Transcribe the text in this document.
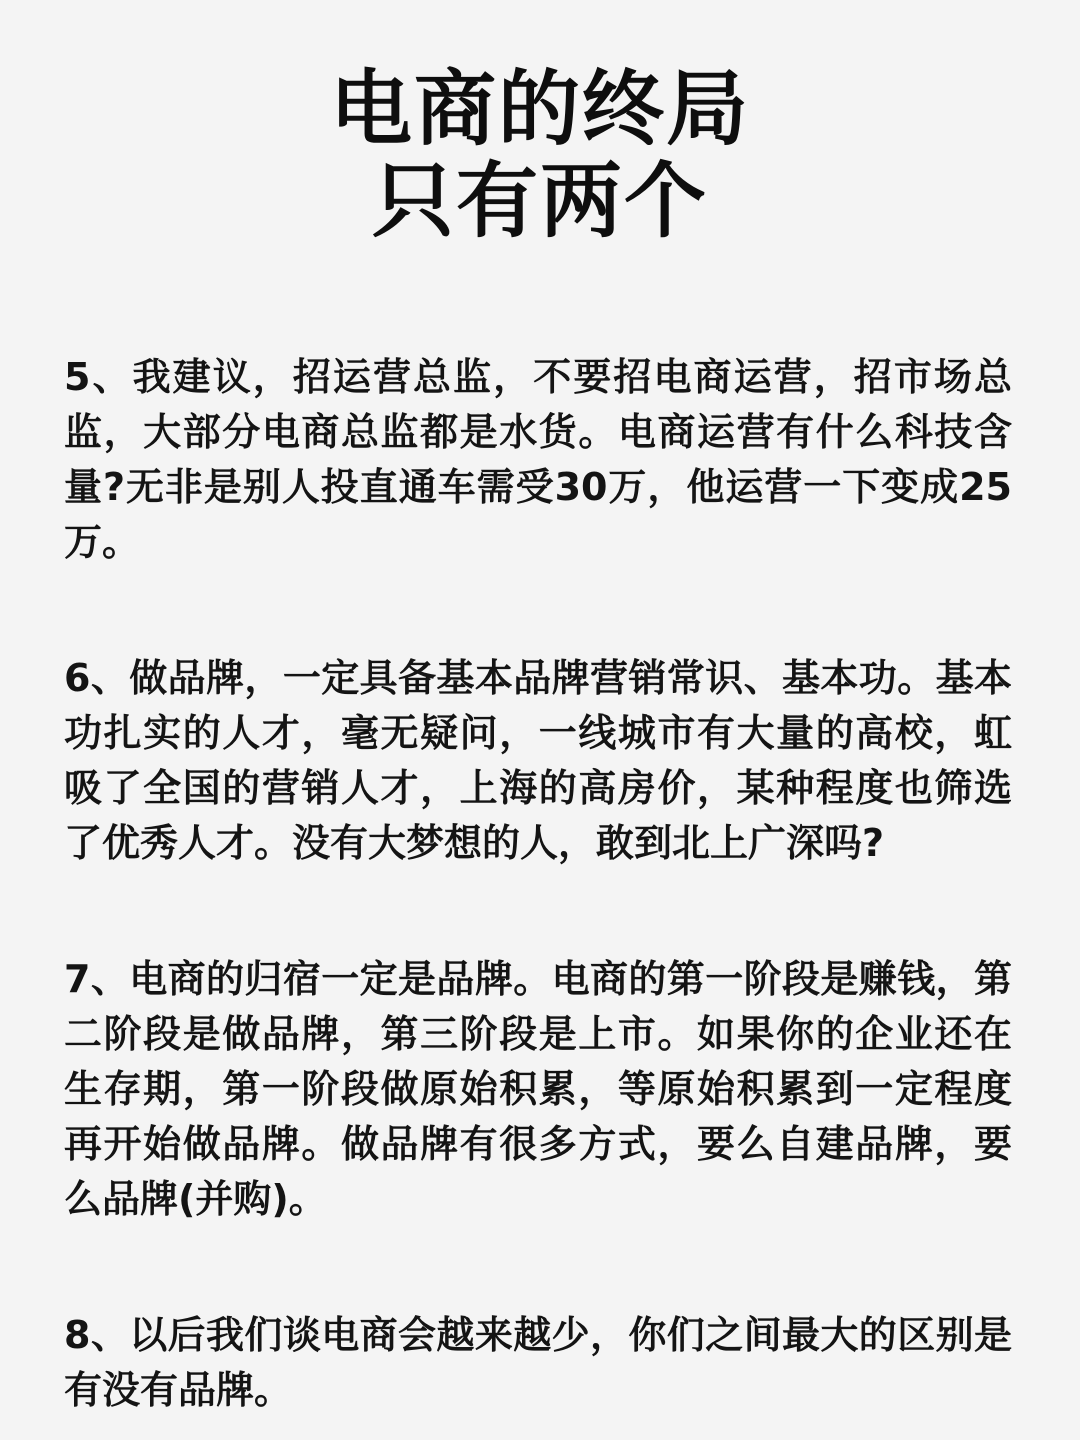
电商的终局
只有两个

5、我建议，招运营总监，不要招电商运营，招市场总监，大部分电商总监都是水货。电商运营有什么科技含量?无非是别人投直通车需受30万，他运营一下变成25万。

6、做品牌，一定具备基本品牌营销常识、基本功。基本功扎实的人才，毫无疑问，一线城市有大量的高校，虹吸了全国的营销人才，上海的高房价，某种程度也筛选了优秀人才。没有大梦想的人，敢到北上广深吗?

7、电商的归宿一定是品牌。电商的第一阶段是赚钱，第二阶段是做品牌，第三阶段是上市。如果你的企业还在生存期，第一阶段做原始积累，等原始积累到一定程度再开始做品牌。做品牌有很多方式，要么自建品牌，要么品牌(并购)。

8、以后我们谈电商会越来越少，你们之间最大的区别是有没有品牌。
